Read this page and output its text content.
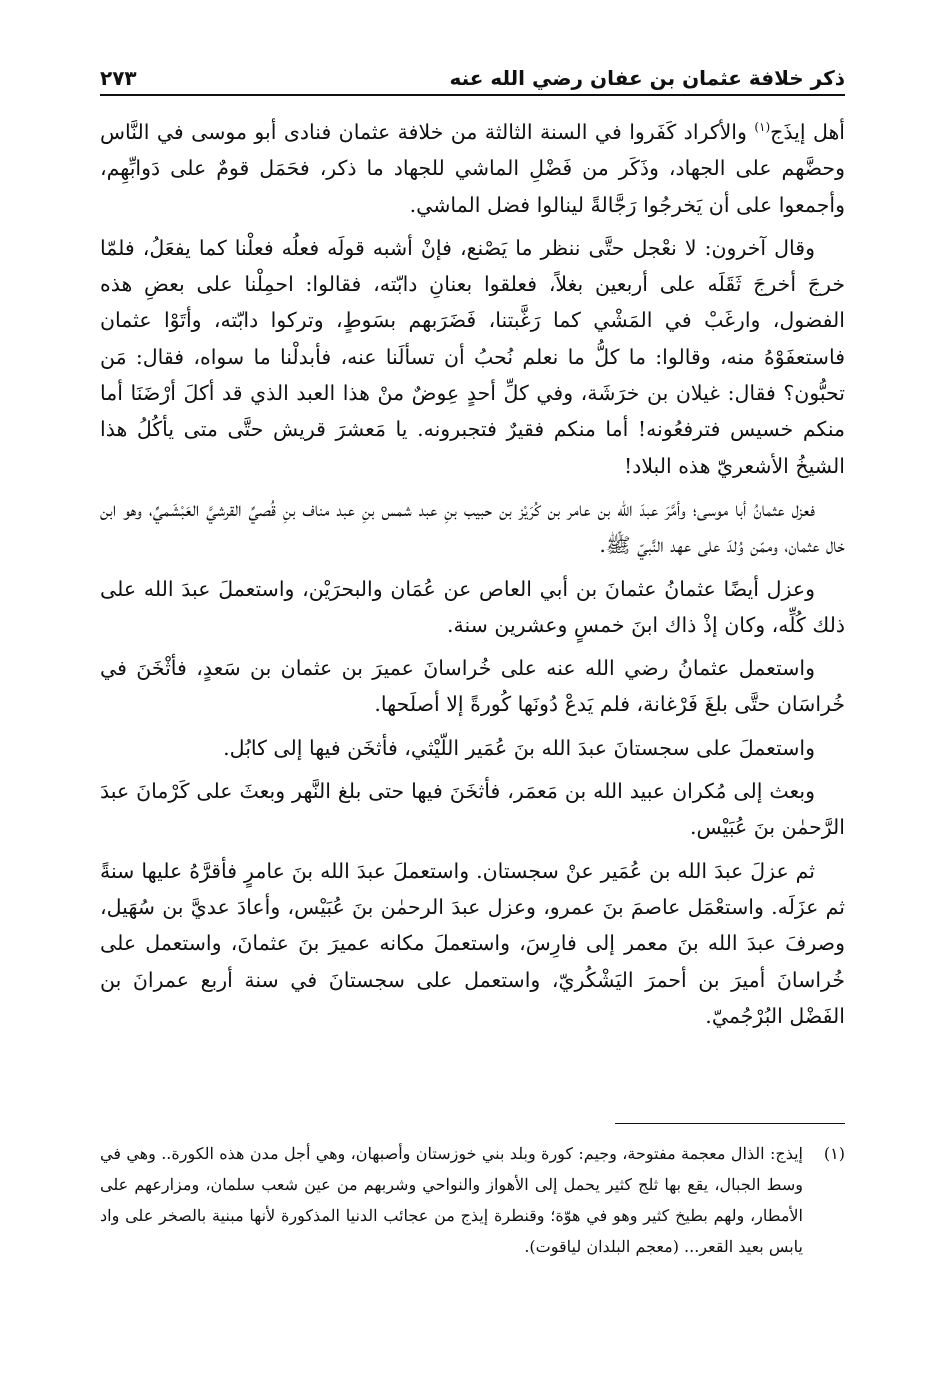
ذكر خلافة عثمان بن عفان رضي الله عنه
٢٧٣

أهل إيذَج$^{(١)}$ والأكراد كَفَروا في السنة الثالثة من خلافة عثمان فنادى أبو موسى في النَّاس وحضَّهم على الجهاد، وذَكَر من فَضْلِ الماشي للجهاد ما ذكر، فحَمَل قومٌ على دَوابِّهِم، وأجمعوا على أن يَخرجُوا رَجَّالةً لينالوا فضل الماشي.

وقال آخرون: لا نعْجل حتَّى ننظر ما يَصْنع، فإنْ أشبه قولَه فعلُه فعلْنا كما يفعَلُ، فلمّا خرجَ أخرجَ ثَقَلَه على أربعين بغلاً، فعلقوا بعنانِ دابّته، فقالوا: احمِلْنا على بعضِ هذه الفضول، وارغَبْ في المَشْي كما رَغَّبتنا، فَضَرَبهم بسَوطٍ، وتركوا دابّته، وأتَوْا عثمان فاستعفَوْهُ منه، وقالوا: ما كلُّ ما نعلم نُحبُ أن تسألَنا عنه، فأبدلْنا ما سواه، فقال: مَن تحبُّون؟ فقال: غيلان بن خرَشَة، وفي كلِّ أحدٍ عِوضٌ منْ هذا العبد الذي قد أكلَ أرْضَنَا أما منكم خسيس فترفعُونه! أما منكم فقيرٌ فتجبرونه. يا مَعشرَ قريش حتَّى متى يأكُلُ هذا الشيخُ الأشعريّ هذه البلاد!

فعزل عثمانُ أبا موسى؛ وأمَّرَ عبدَ الله بن عامر بن كُرَيْز بن حبيب بنِ عبد شمس بنِ عبد مناف بنِ قُصيِّ القرشيَّ العَبْشَميِّ، وهو ابن خال عثمان، وممّن وُلدَ على عهد النَّبيّ ﷺ.

وعزل أيضًا عثمانُ عثمانَ بن أبي العاص عن عُمَان والبحرَيْن، واستعملَ عبدَ الله على ذلك كُلِّه، وكان إذْ ذاك ابنَ خمسٍ وعشرين سنة.

واستعمل عثمانُ رضي الله عنه على خُراسانَ عميرَ بن عثمان بن سَعدٍ، فأثْخَنَ في خُراسَان حتَّى بلغَ فَرْغانة، فلم يَدعْ دُونَها كُورةً إلا أصلَحها.

واستعملَ على سجستانَ عبدَ الله بنَ عُمَير اللّيْثي، فأثخَن فيها إلى كابُل.

وبعث إلى مُكران عبيد الله بن مَعمَر، فأثخَنَ فيها حتى بلغ النَّهر وبعثَ على كَرْمانَ عبدَ الرَّحمٰن بنَ عُبَيْس.

ثم عزلَ عبدَ الله بن عُمَير عنْ سجستان. واستعملَ عبدَ الله بنَ عامرٍ فأقرَّهُ عليها سنةً ثم عزَلَه. واستعْمَل عاصمَ بنَ عمرو، وعزل عبدَ الرحمٰن بنَ عُبَيْس، وأعادَ عديَّ بن سُهَيل، وصرفَ عبدَ الله بنَ معمر إلى فارِسَ، واستعملَ مكانه عميرَ بنَ عثمانَ، واستعمل على خُراسانَ أميرَ بن أحمرَ اليَشْكُريّ، واستعمل على سجستانَ في سنة أربع عمرانَ بن الفَضْل البُرْجُميّ.

(١)
إيذج: الذال معجمة مفتوحة، وجيم: كورة وبلد بني خوزستان وأصبهان، وهي أجل مدن هذه الكورة.. وهي في وسط الجبال، يقع بها ثلج كثير يحمل إلى الأهواز والنواحي وشربهم من عين شعب سلمان، ومزارعهم على الأمطار، ولهم بطيخ كثير وهو في هوّة؛ وقنطرة إيذج من عجائب الدنيا المذكورة لأنها مبنية بالصخر على واد يابس بعيد القعر... (معجم البلدان لياقوت).
